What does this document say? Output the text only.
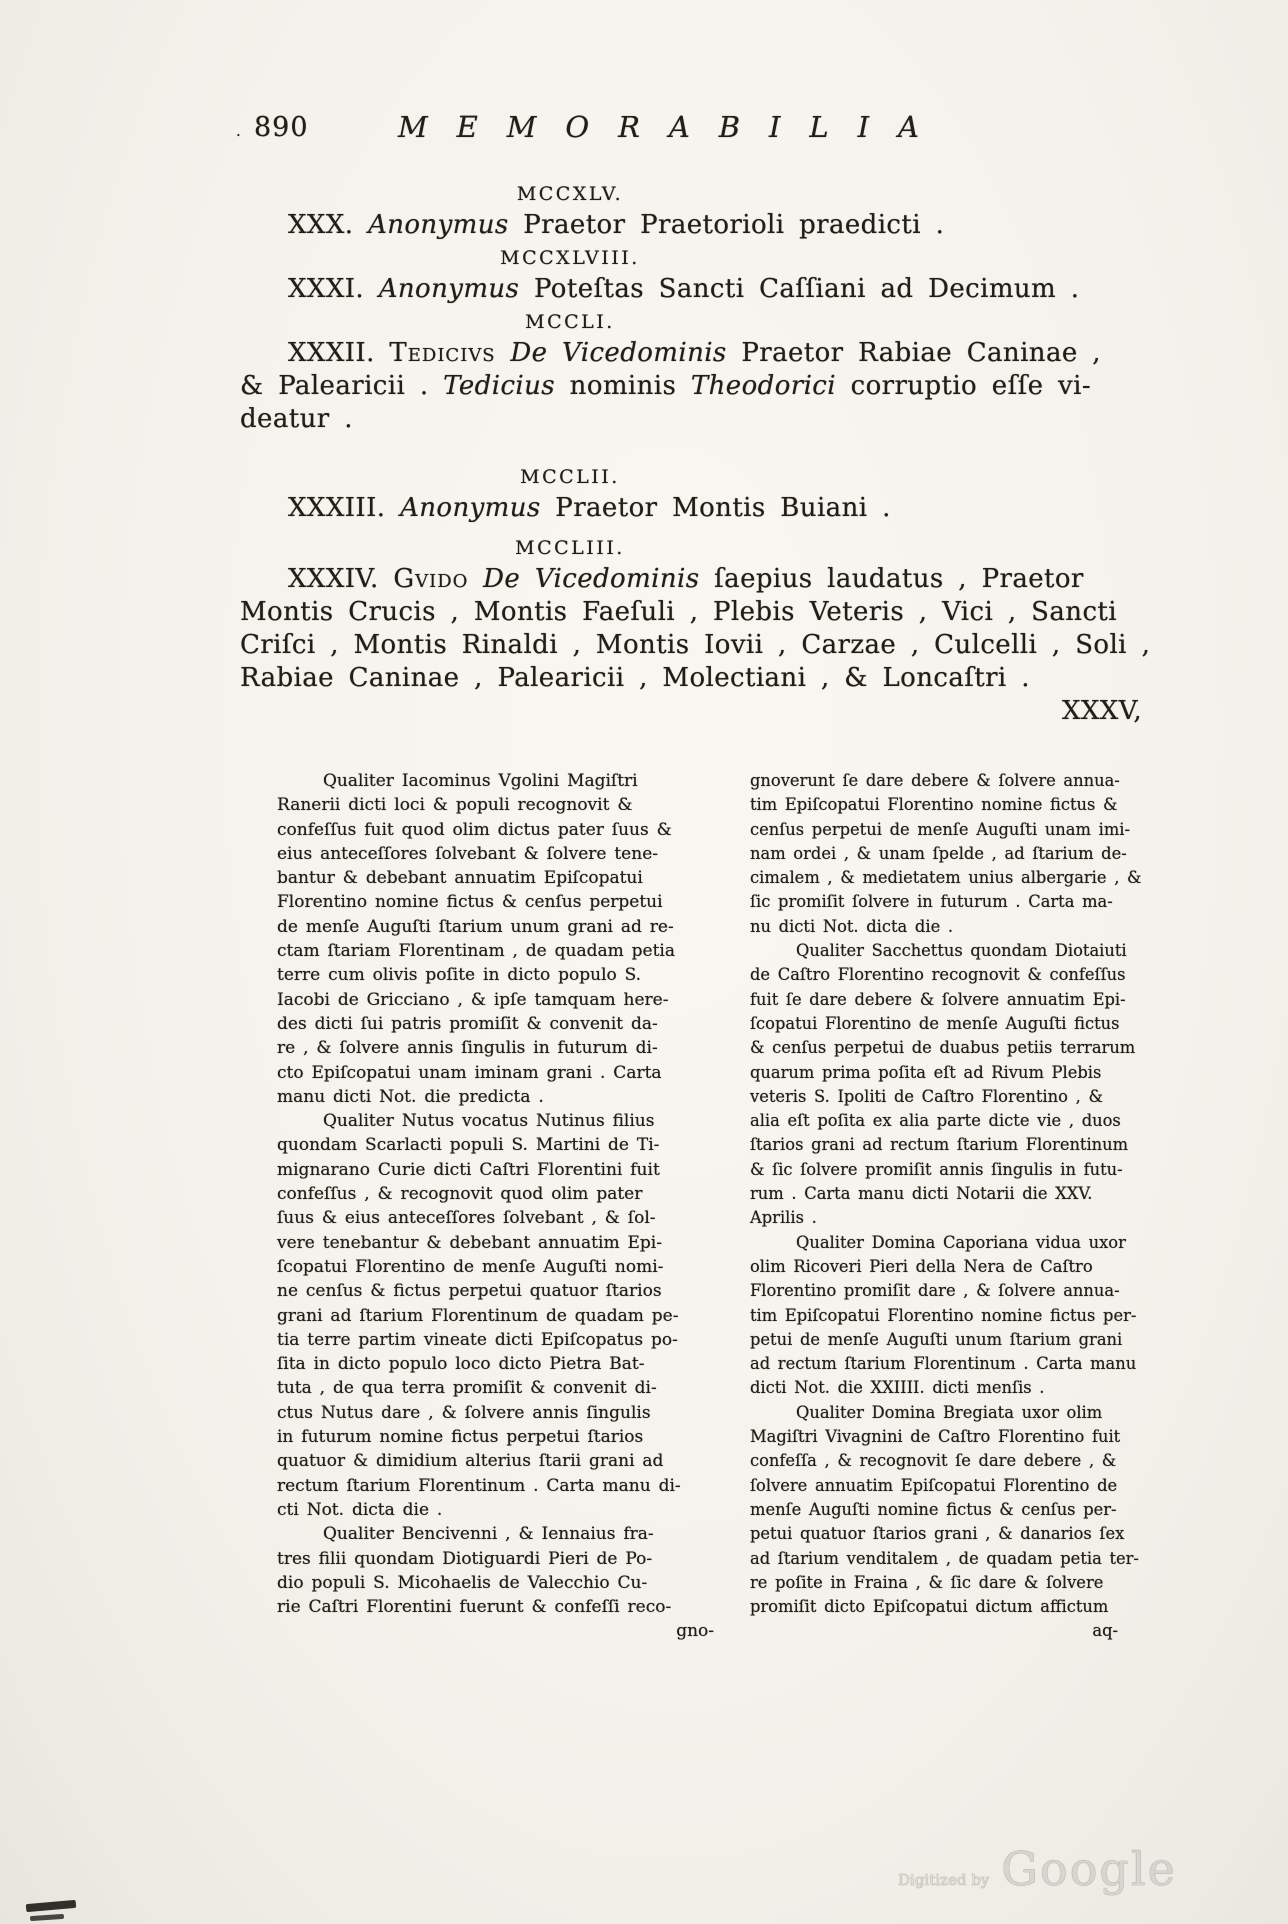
· 890	M E M O R A B I L I A
MCCXLV.
XXX. Anonymus Praetor Praetorioli praedicti .
MCCXLVIII.
XXXI. Anonymus Poteſtas Sancti Caſſiani ad Decimum .
MCCLI.
XXXII. Tedicivs De Vicedominis Praetor Rabiae Caninae ,
& Palearicii . Tedicius nominis Theodorici corruptio eſſe vi-
deatur .
MCCLII.
XXXIII. Anonymus Praetor Montis Buiani .
MCCLIII.
XXXIV. Gvido De Vicedominis ſaepius laudatus , Praetor
Montis Crucis , Montis Faeſuli , Plebis Veteris , Vici , Sancti
Criſci , Montis Rinaldi , Montis Iovii , Carzae , Culcelli , Soli ,
Rabiae Caninae , Palearicii , Molectiani , & Loncaſtri .
XXXV,
Qualiter Iacominus Vgolini Magiſtri
Ranerii dicti loci & populi recognovit &
confeſſus fuit quod olim dictus pater ſuus &
eius anteceſſores ſolvebant & ſolvere tene-
bantur & debebant annuatim Epiſcopatui
Florentino nomine fictus & cenſus perpetui
de menſe Auguſti ſtarium unum grani ad re-
ctam ſtariam Florentinam , de quadam petia
terre cum olivis poſite in dicto populo S.
Iacobi de Gricciano , & ipſe tamquam here-
des dicti ſui patris promiſit & convenit da-
re , & ſolvere annis ſingulis in futurum di-
cto Epiſcopatui unam iminam grani . Carta
manu dicti Not. die predicta .
Qualiter Nutus vocatus Nutinus filius
quondam Scarlacti populi S. Martini de Ti-
mignarano Curie dicti Caſtri Florentini fuit
confeſſus , & recognovit quod olim pater
ſuus & eius anteceſſores ſolvebant , & ſol-
vere tenebantur & debebant annuatim Epi-
ſcopatui Florentino de menſe Auguſti nomi-
ne cenſus & fictus perpetui quatuor ſtarios
grani ad ſtarium Florentinum de quadam pe-
tia terre partim vineate dicti Epiſcopatus po-
ſita in dicto populo loco dicto Pietra Bat-
tuta , de qua terra promiſit & convenit di-
ctus Nutus dare , & ſolvere annis ſingulis
in futurum nomine fictus perpetui ſtarios
quatuor & dimidium alterius ſtarii grani ad
rectum ſtarium Florentinum . Carta manu di-
cti Not. dicta die .
Qualiter Bencivenni , & Iennaius fra-
tres filii quondam Diotiguardi Pieri de Po-
dio populi S. Micohaelis de Valecchio Cu-
rie Caſtri Florentini fuerunt & confeſſi reco-
gno-
gnoverunt ſe dare debere & ſolvere annua-
tim Epiſcopatui Florentino nomine fictus &
cenſus perpetui de menſe Auguſti unam imi-
nam ordei , & unam ſpelde , ad ſtarium de-
cimalem , & medietatem unius albergarie , &
ſic promiſit ſolvere in futurum . Carta ma-
nu dicti Not. dicta die .
Qualiter Sacchettus quondam Diotaiuti
de Caſtro Florentino recognovit & confeſſus
fuit ſe dare debere & ſolvere annuatim Epi-
ſcopatui Florentino de menſe Auguſti fictus
& cenſus perpetui de duabus petiis terrarum
quarum prima poſita eſt ad Rivum Plebis
veteris S. Ipoliti de Caſtro Florentino , &
alia eſt poſita ex alia parte dicte vie , duos
ſtarios grani ad rectum ſtarium Florentinum
& ſic ſolvere promiſit annis ſingulis in futu-
rum . Carta manu dicti Notarii die XXV.
Aprilis .
Qualiter Domina Caporiana vidua uxor
olim Ricoveri Pieri della Nera de Caſtro
Florentino promiſit dare , & ſolvere annua-
tim Epiſcopatui Florentino nomine fictus per-
petui de menſe Auguſti unum ſtarium grani
ad rectum ſtarium Florentinum . Carta manu
dicti Not. die XXIIII. dicti menſis .
Qualiter Domina Bregiata uxor olim
Magiſtri Vivagnini de Caſtro Florentino fuit
confeſſa , & recognovit ſe dare debere , &
ſolvere annuatim Epiſcopatui Florentino de
menſe Auguſti nomine fictus & cenſus per-
petui quatuor ſtarios grani , & danarios ſex
ad ſtarium venditalem , de quadam petia ter-
re poſite in Fraina , & ſic dare & ſolvere
promiſit dicto Epiſcopatui dictum affictum
aq-
Digitized by Google
